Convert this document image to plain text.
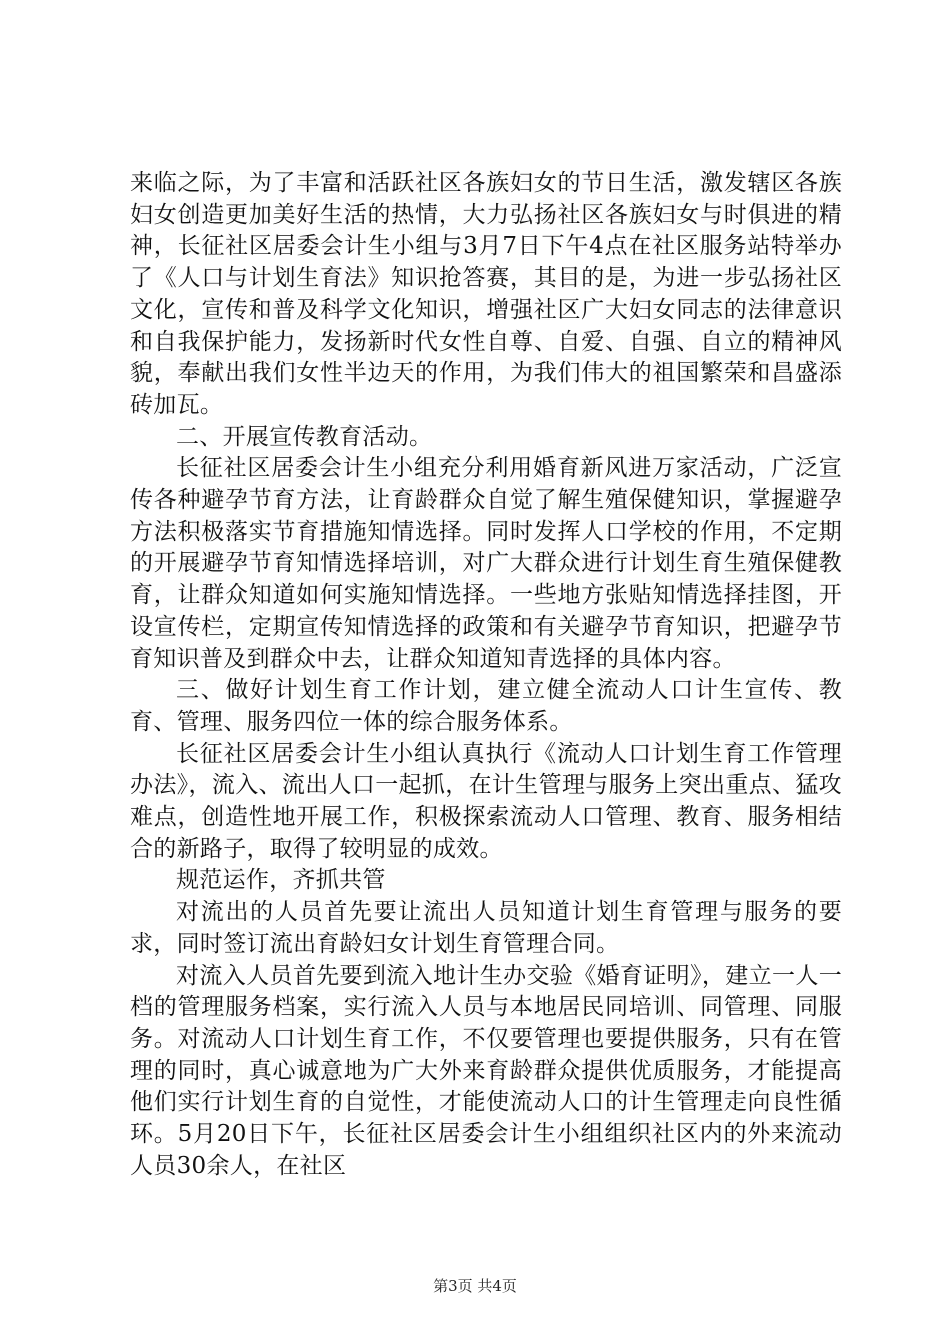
来临之际，为了丰富和活跃社区各族妇女的节日生活，激发辖区各族妇女创造更加美好生活的热情，大力弘扬社区各族妇女与时俱进的精神，长征社区居委会计生小组与3月7日下午4点在社区服务站特举办了《人口与计划生育法》知识抢答赛，其目的是，为进一步弘扬社区文化，宣传和普及科学文化知识，增强社区广大妇女同志的法律意识和自我保护能力，发扬新时代女性自尊、自爱、自强、自立的精神风貌，奉献出我们女性半边天的作用，为我们伟大的祖国繁荣和昌盛添砖加瓦。

二、开展宣传教育活动。

长征社区居委会计生小组充分利用婚育新风进万家活动，广泛宣传各种避孕节育方法，让育龄群众自觉了解生殖保健知识，掌握避孕方法积极落实节育措施知情选择。同时发挥人口学校的作用，不定期的开展避孕节育知情选择培训，对广大群众进行计划生育生殖保健教育，让群众知道如何实施知情选择。一些地方张贴知情选择挂图，开设宣传栏，定期宣传知情选择的政策和有关避孕节育知识，把避孕节育知识普及到群众中去，让群众知道知青选择的具体内容。

三、做好计划生育工作计划，建立健全流动人口计生宣传、教育、管理、服务四位一体的综合服务体系。

长征社区居委会计生小组认真执行《流动人口计划生育工作管理办法》，流入、流出人口一起抓，在计生管理与服务上突出重点、猛攻难点，创造性地开展工作，积极探索流动人口管理、教育、服务相结合的新路子，取得了较明显的成效。

规范运作，齐抓共管

对流出的人员首先要让流出人员知道计划生育管理与服务的要求，同时签订流出育龄妇女计划生育管理合同。

对流入人员首先要到流入地计生办交验《婚育证明》，建立一人一档的管理服务档案，实行流入人员与本地居民同培训、同管理、同服务。对流动人口计划生育工作，不仅要管理也要提供服务，只有在管理的同时，真心诚意地为广大外来育龄群众提供优质服务，才能提高他们实行计划生育的自觉性，才能使流动人口的计生管理走向良性循环。5月20日下午，长征社区居委会计生小组组织社区内的外来流动人员30余人，在社区

第3页 共4页
